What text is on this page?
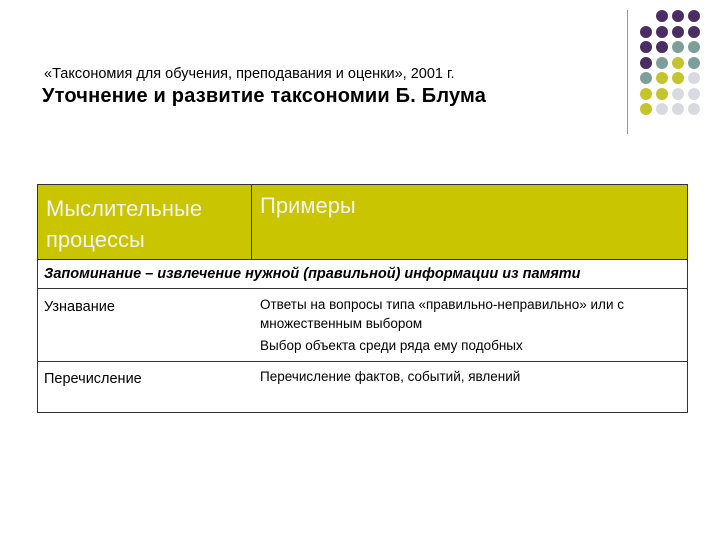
«Таксономия для обучения, преподавания и оценки», 2001 г.
Уточнение и развитие таксономии Б. Блума
Мыслительные процессы
Примеры
Запоминание – извлечение нужной (правильной) информации из памяти
Узнавание	Ответы на вопросы типа «правильно-неправильно» или с множественным выбором
Выбор объекта среди ряда ему подобных
Перечисление	Перечисление фактов, событий, явлений
